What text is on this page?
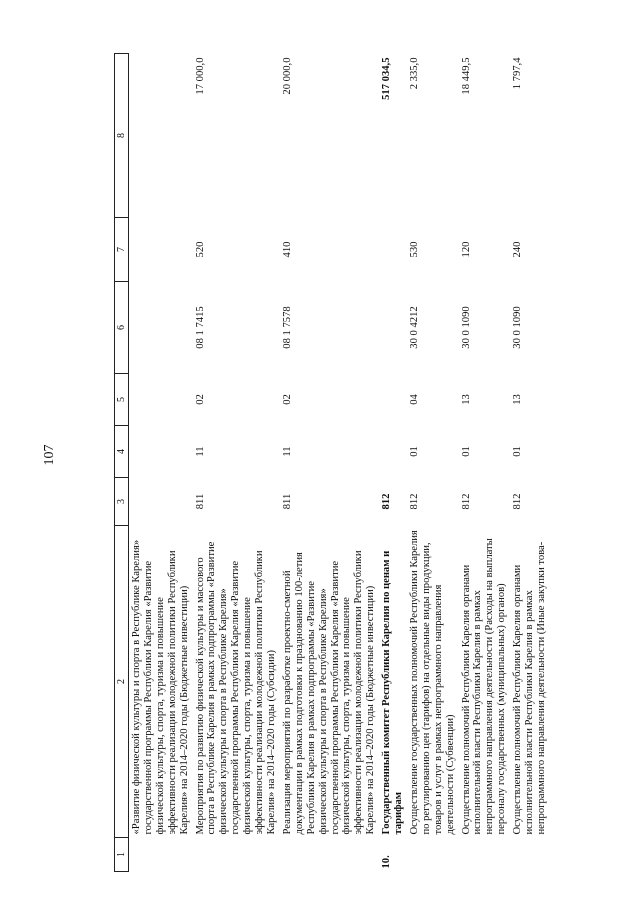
107
1	2	3	4	5	6	7	8
	«Развитие физической культуры и спорта в Республике Карелия» государственной программы Республики Карелия «Развитие физической культуры, спорта, туризма и повышение эффективности реализации молодежной политики Республики Карелия» на 2014–2020 годы (Бюджетные инвестиции)						
	Мероприятия по развитию физической культуры и массового спорта в Республике Карелия в рамках подпрограммы «Развитие физической культуры и спорта в Республике Карелия» государственной программы Республики Карелия «Развитие физической культуры, спорта, туризма и повышение эффективности реализации молодежной политики Республики Карелия» на 2014–2020 годы (Субсидии)	811	11	02	08 1 7415	520	17 000,0
	Реализация мероприятий по разработке проектно-сметной документации в рамках подготовки к празднованию 100-летия Республики Карелия в рамках подпрограммы «Развитие физической культуры и спорта в Республике Карелия» государственной программы Республики Карелия «Развитие физической культуры, спорта, туризма и повышение эффективности реализации молодежной политики Республики Карелия» на 2014–2020 годы (Бюджетные инвестиции)	811	11	02	08 1 7578	410	20 000,0
10.	Государственный комитет Республики Карелия по ценам и тарифам	812					517 034,5
	Осуществление государственных полномочий Республики Карелия по регулированию цен (тарифов) на отдельные виды продукции, товаров и услуг в рамках непрограммного направления деятельности (Субвенции)	812	01	04	30 0 4212	530	2 335,0
	Осуществление полномочий Республики Карелия органами исполнительной власти Республики Карелия в рамках непрограммного направления деятельности (Расходы на выплаты персоналу государственных (муниципальных) органов)	812	01	13	30 0 1090	120	18 449,5
	Осуществление полномочий Республики Карелия органами исполнительной власти Республики Карелия в рамках непрограммного направления деятельности (Иные закупки това-	812	01	13	30 0 1090	240	1 797,4
